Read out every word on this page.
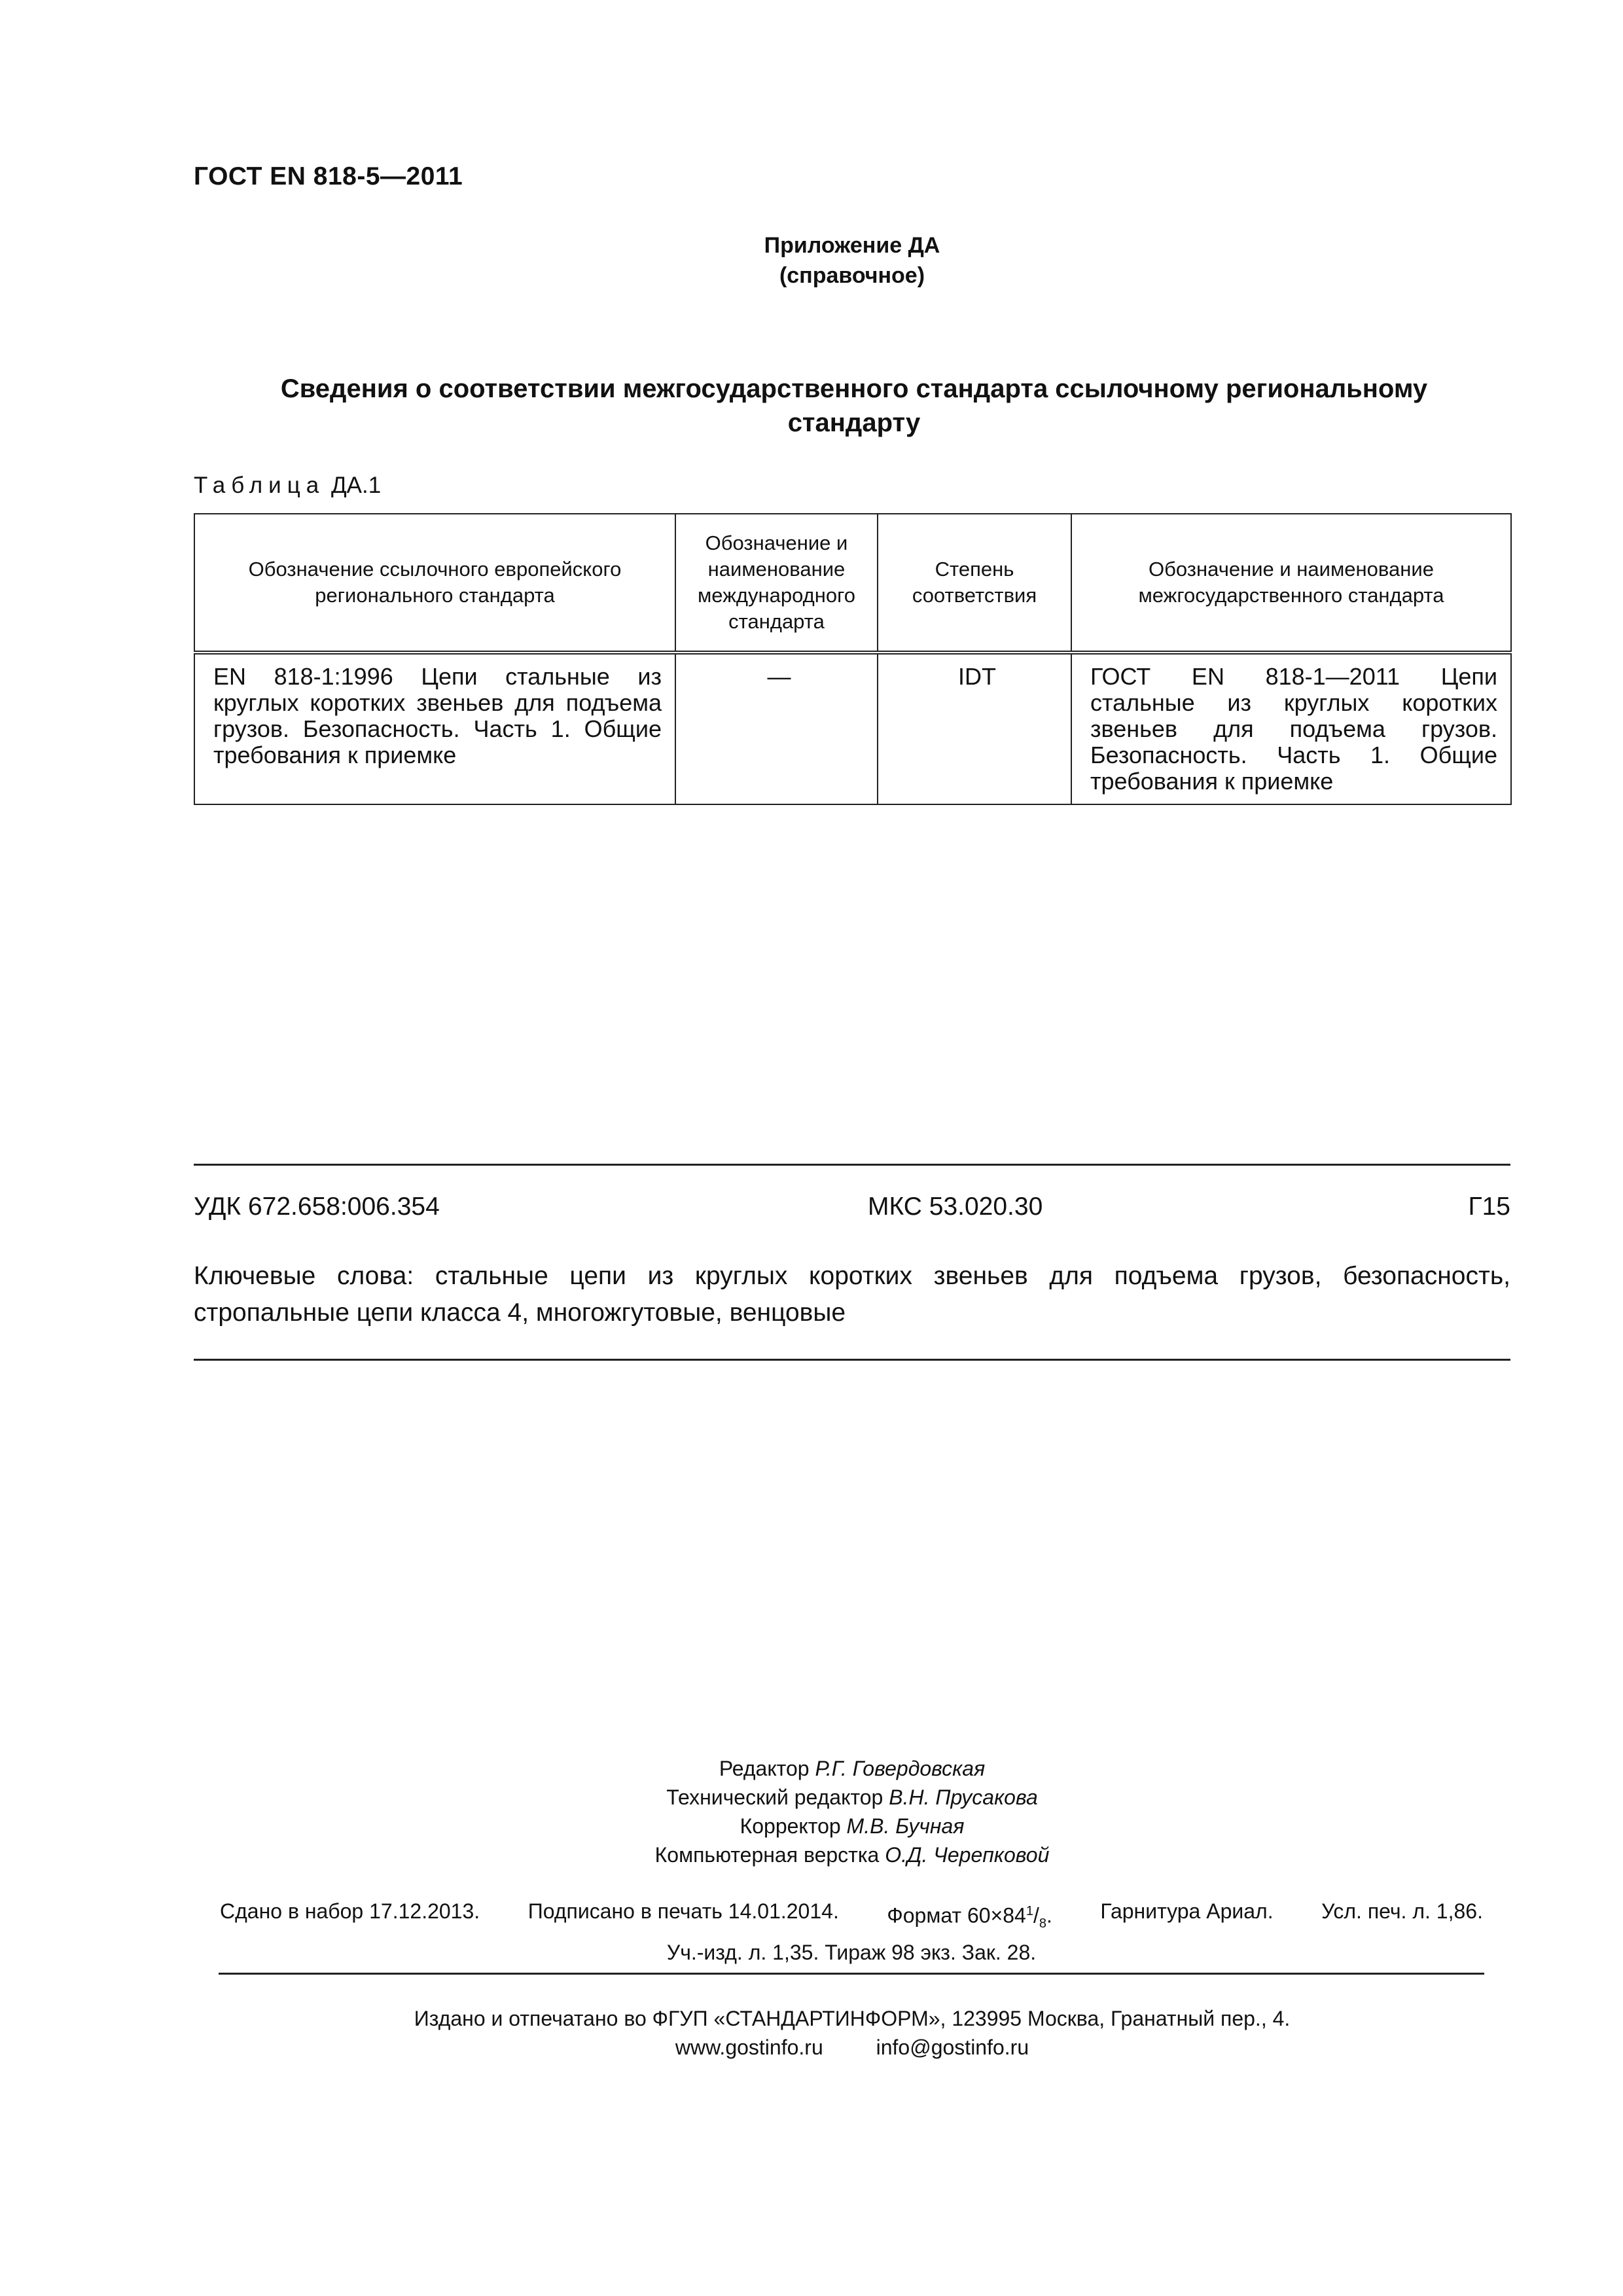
ГОСТ EN 818-5—2011
Приложение ДА
(справочное)
Сведения о соответствии межгосударственного стандарта ссылочному региональному
стандарту
Таблица ДА.1
Обозначение ссылочного европейского регионального стандарта	Обозначение и наименование международного стандарта	Степень соответствия	Обозначение и наименование межгосударственного стандарта
EN 818-1:1996 Цепи стальные из круглых коротких звеньев для подъема грузов. Безопасность. Часть 1. Общие требования к приемке	—	IDT	ГОСТ EN 818-1—2011 Цепи стальные из круглых коротких звеньев для подъема грузов. Безопасность. Часть 1. Общие требования к приемке
УДК 672.658:006.354	МКС 53.020.30	Г15
Ключевые слова: стальные цепи из круглых коротких звеньев для подъема грузов, безопасность, стропальные цепи класса 4, многожгутовые, венцовые
Редактор Р.Г. Говердовская
Технический редактор В.Н. Прусакова
Корректор М.В. Бучная
Компьютерная верстка О.Д. Черепковой
Сдано в набор 17.12.2013. Подписано в печать 14.01.2014. Формат $60\times 84^1/_8$. Гарнитура Ариал. Усл. печ. л. 1,86.
Уч.-изд. л. 1,35. Тираж 98 экз. Зак. 28.
Издано и отпечатано во ФГУП «СТАНДАРТИНФОРМ», 123995 Москва, Гранатный пер., 4.
www.gostinfo.ru	info@gostinfo.ru
